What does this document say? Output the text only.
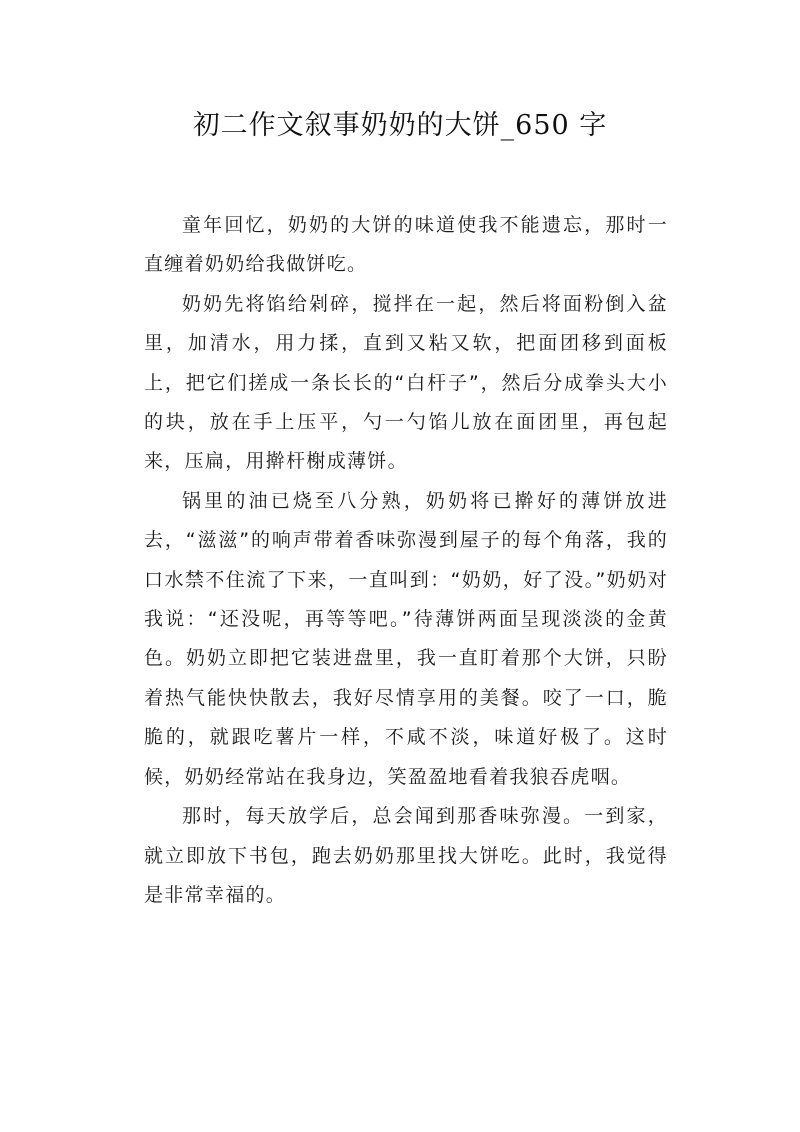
初二作文叙事奶奶的大饼_650 字

童年回忆，奶奶的大饼的味道使我不能遗忘，那时一直缠着奶奶给我做饼吃。

奶奶先将馅给剁碎，搅拌在一起，然后将面粉倒入盆里，加清水，用力揉，直到又粘又软，把面团移到面板上，把它们搓成一条长长的“白杆子”，然后分成拳头大小的块，放在手上压平，勺一勺馅儿放在面团里，再包起来，压扁，用擀杆榭成薄饼。

锅里的油已烧至八分熟，奶奶将已擀好的薄饼放进去，“滋滋”的响声带着香味弥漫到屋子的每个角落，我的口水禁不住流了下来，一直叫到：“奶奶，好了没。”奶奶对我说：“还没呢，再等等吧。”待薄饼两面呈现淡淡的金黄色。奶奶立即把它装进盘里，我一直盯着那个大饼，只盼着热气能快快散去，我好尽情享用的美餐。咬了一口，脆脆的，就跟吃薯片一样，不咸不淡，味道好极了。这时候，奶奶经常站在我身边，笑盈盈地看着我狼吞虎咽。

那时，每天放学后，总会闻到那香味弥漫。一到家，就立即放下书包，跑去奶奶那里找大饼吃。此时，我觉得是非常幸福的。
